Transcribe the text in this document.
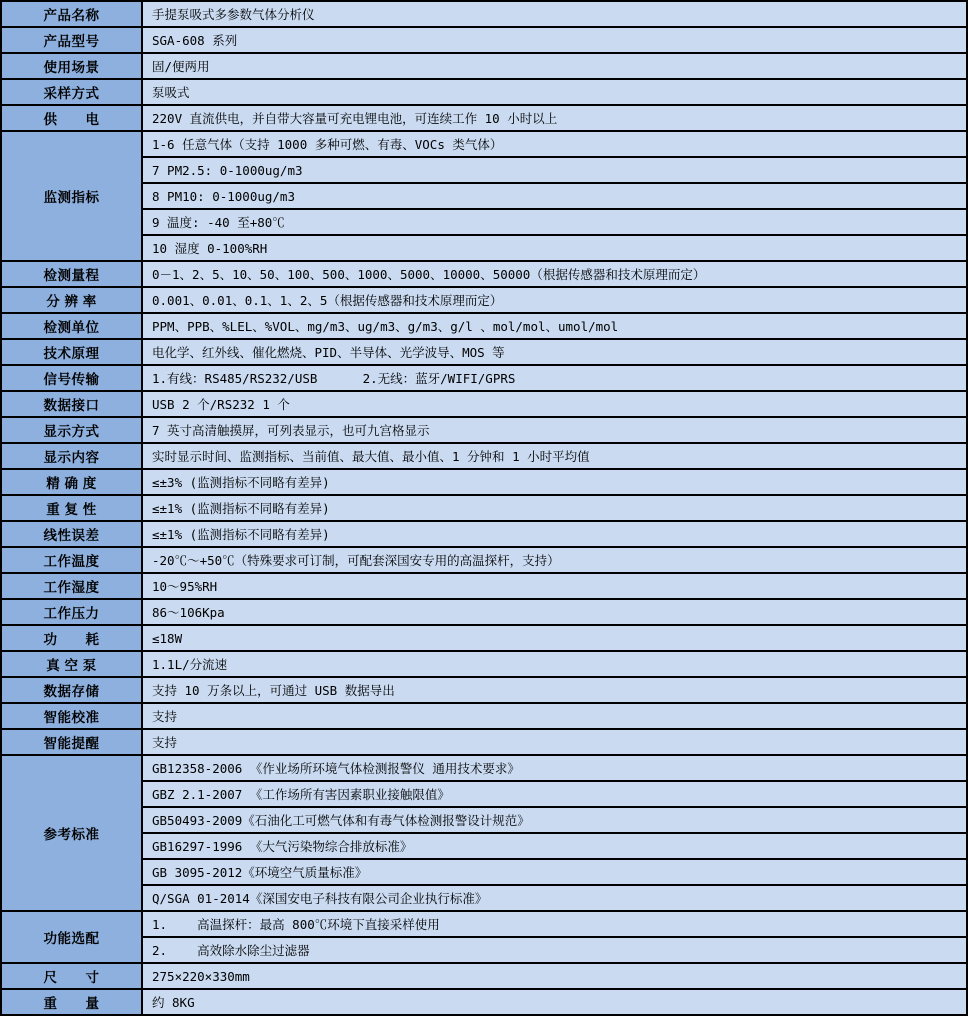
产品名称	手提泵吸式多参数气体分析仪
产品型号	SGA-608 系列
使用场景	固/便两用
采样方式	泵吸式
供　　电	220V 直流供电，并自带大容量可充电锂电池，可连续工作 10 小时以上
监测指标	1-6 任意气体（支持 1000 多种可燃、有毒、VOCs 类气体）
	7 PM2.5: 0-1000ug/m3
	8 PM10: 0-1000ug/m3
	9 温度: -40 至+80℃
	10 湿度 0-100%RH
检测量程	0－1、2、5、10、50、100、500、1000、5000、10000、50000（根据传感器和技术原理而定）
分 辨 率	0.001、0.01、0.1、1、2、5（根据传感器和技术原理而定）
检测单位	PPM、PPB、%LEL、%VOL、mg/m3、ug/m3、g/m3、g/l 、mol/mol、umol/mol
技术原理	电化学、红外线、催化燃烧、PID、半导体、光学波导、MOS 等
信号传输	1.有线：RS485/RS232/USB      2.无线：蓝牙/WIFI/GPRS
数据接口	USB 2 个/RS232 1 个
显示方式	7 英寸高清触摸屏，可列表显示，也可九宫格显示
显示内容	实时显示时间、监测指标、当前值、最大值、最小值、1 分钟和 1 小时平均值
精 确 度	≤±3% (监测指标不同略有差异)
重 复 性	≤±1% (监测指标不同略有差异)
线性误差	≤±1% (监测指标不同略有差异)
工作温度	-20℃～+50℃（特殊要求可订制，可配套深国安专用的高温探杆，支持）
工作湿度	10～95%RH
工作压力	86～106Kpa
功　　耗	≤18W
真 空 泵	1.1L/分流速
数据存储	支持 10 万条以上，可通过 USB 数据导出
智能校准	支持
智能提醒	支持
参考标准	GB12358-2006 《作业场所环境气体检测报警仪 通用技术要求》
	GBZ 2.1-2007 《工作场所有害因素职业接触限值》
	GB50493-2009《石油化工可燃气体和有毒气体检测报警设计规范》
	GB16297-1996 《大气污染物综合排放标准》
	GB 3095-2012《环境空气质量标准》
	Q/SGA 01-2014《深国安电子科技有限公司企业执行标准》
功能选配	1.    高温探杆：最高 800℃环境下直接采样使用
	2.    高效除水除尘过滤器
尺　　寸	275×220×330mm
重　　量	约 8KG
